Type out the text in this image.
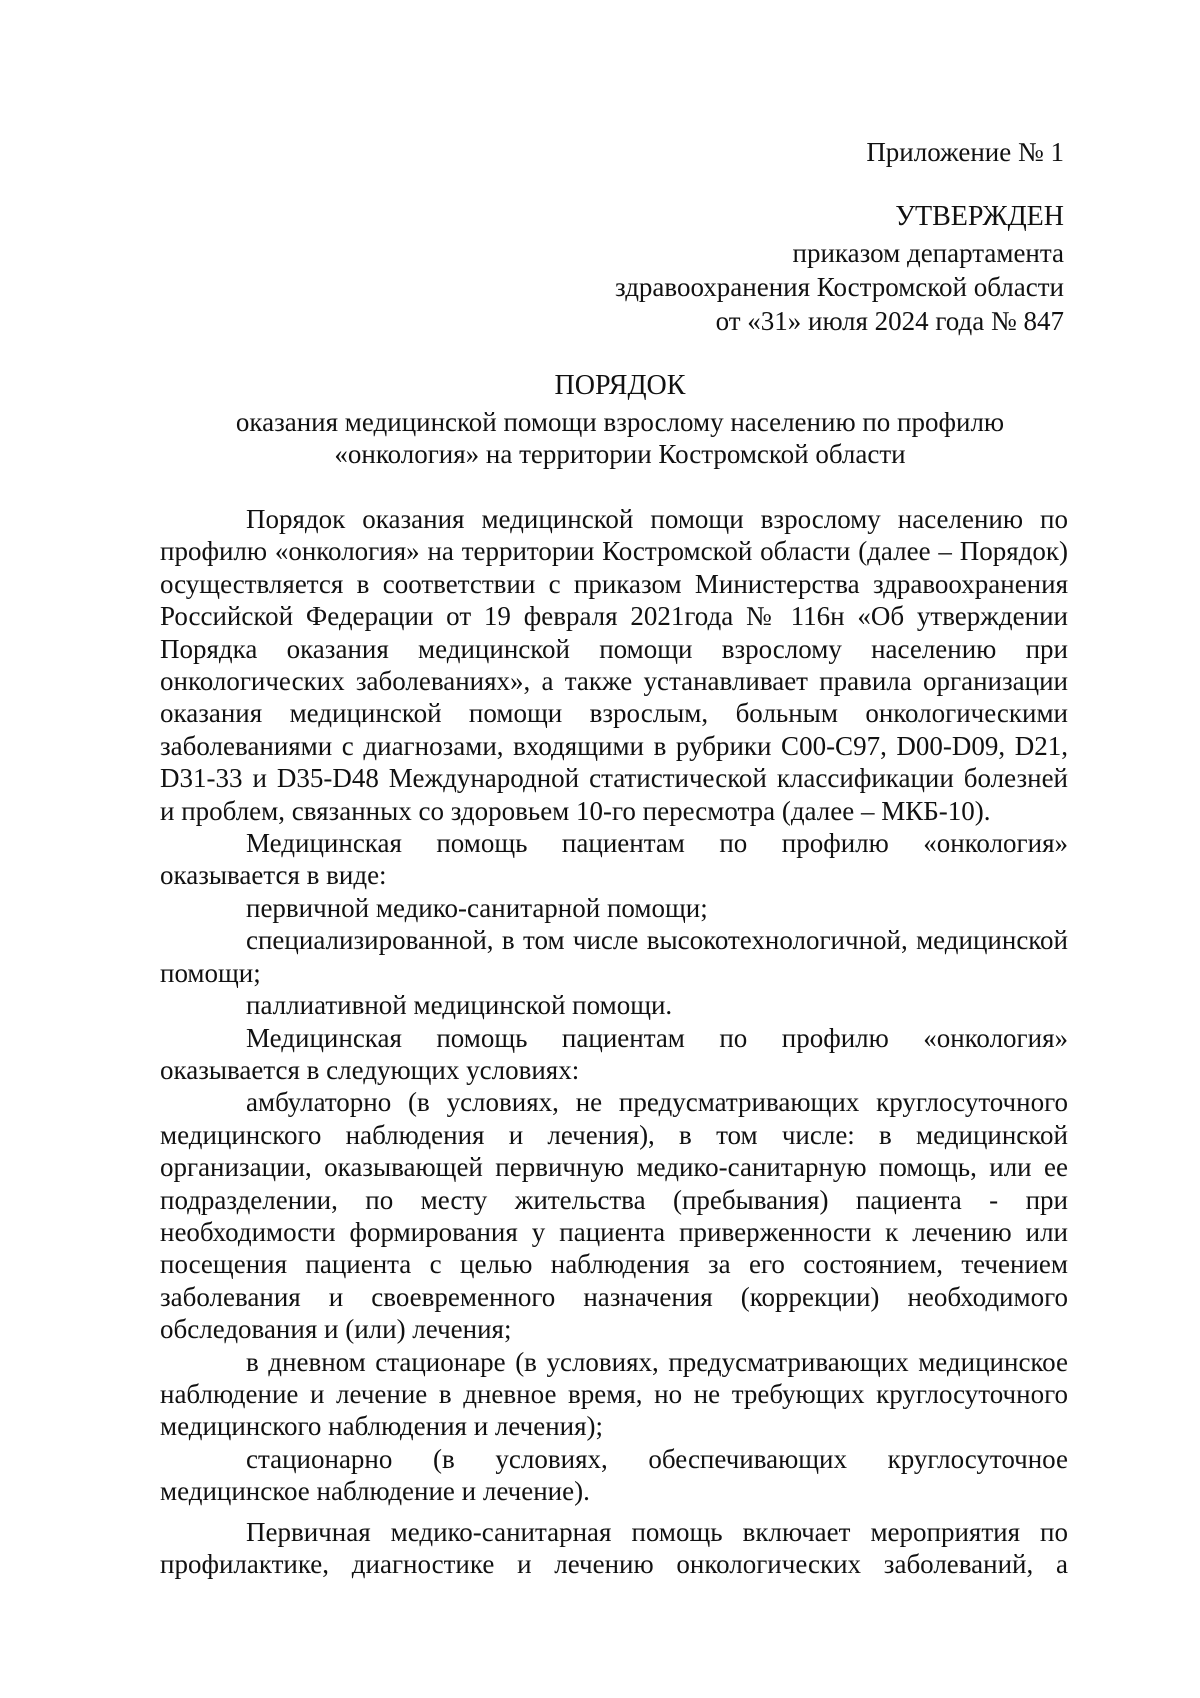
Приложение № 1
УТВЕРЖДЕН
приказом департамента
здравоохранения Костромской области
от «31» июля 2024 года № 847
ПОРЯДОК
оказания медицинской помощи взрослому населению по профилю
«онкология» на территории Костромской области

Порядок оказания медицинской помощи взрослому населению по профилю «онкология» на территории Костромской области (далее – Порядок) осуществляется в соответствии с приказом Министерства здравоохранения Российской Федерации от 19 февраля 2021года № 116н «Об утверждении Порядка оказания медицинской помощи взрослому населению при онкологических заболеваниях», а также устанавливает правила организации оказания медицинской помощи взрослым, больным онкологическими заболеваниями с диагнозами, входящими в рубрики C00-C97, D00-D09, D21, D31-33 и D35-D48 Международной статистической классификации болезней и проблем, связанных со здоровьем 10-го пересмотра (далее – МКБ-10).

Медицинская помощь пациентам по профилю «онкология» оказывается в виде:

первичной медико-санитарной помощи;

специализированной, в том числе высокотехнологичной, медицинской помощи;

паллиативной медицинской помощи.

Медицинская помощь пациентам по профилю «онкология» оказывается в следующих условиях:

амбулаторно (в условиях, не предусматривающих круглосуточного медицинского наблюдения и лечения), в том числе: в медицинской организации, оказывающей первичную медико-санитарную помощь, или ее подразделении, по месту жительства (пребывания) пациента - при необходимости формирования у пациента приверженности к лечению или посещения пациента с целью наблюдения за его состоянием, течением заболевания и своевременного назначения (коррекции) необходимого обследования и (или) лечения;

в дневном стационаре (в условиях, предусматривающих медицинское наблюдение и лечение в дневное время, но не требующих круглосуточного медицинского наблюдения и лечения);

стационарно (в условиях, обеспечивающих круглосуточное медицинское наблюдение и лечение).

Первичная медико-санитарная помощь включает мероприятия по профилактике, диагностике и лечению онкологических заболеваний, а
